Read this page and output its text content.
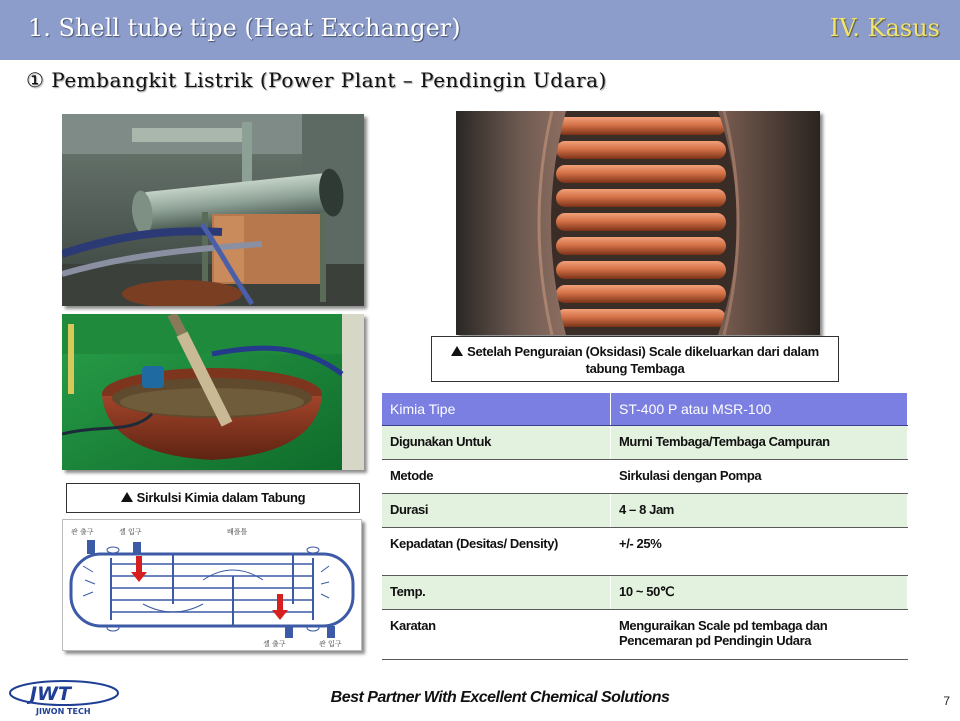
1. Shell tube tipe (Heat Exchanger)	IV. Kasus
① Pembangkit Listrik (Power Plant – Pendingin Udara)
Setelah Penguraian (Oksidasi) Scale dikeluarkan dari dalam tabung Tembaga
Sirkulsi Kimia dalam Tabung
관 출구	셸 입구	배플틀
셸 출구	관 입구
Kimia Tipe	ST-400 P atau MSR-100
Digunakan Untuk	Murni Tembaga/Tembaga Campuran
Metode	Sirkulasi dengan Pompa
Durasi	4 – 8 Jam
Kepadatan (Desitas/ Density)	+/- 25%
Temp.	10 ~ 50℃
Karatan	Menguraikan Scale pd tembaga dan Pencemaran pd Pendingin Udara
JWT
JIWON TECH
Best Partner With Excellent Chemical Solutions	7
